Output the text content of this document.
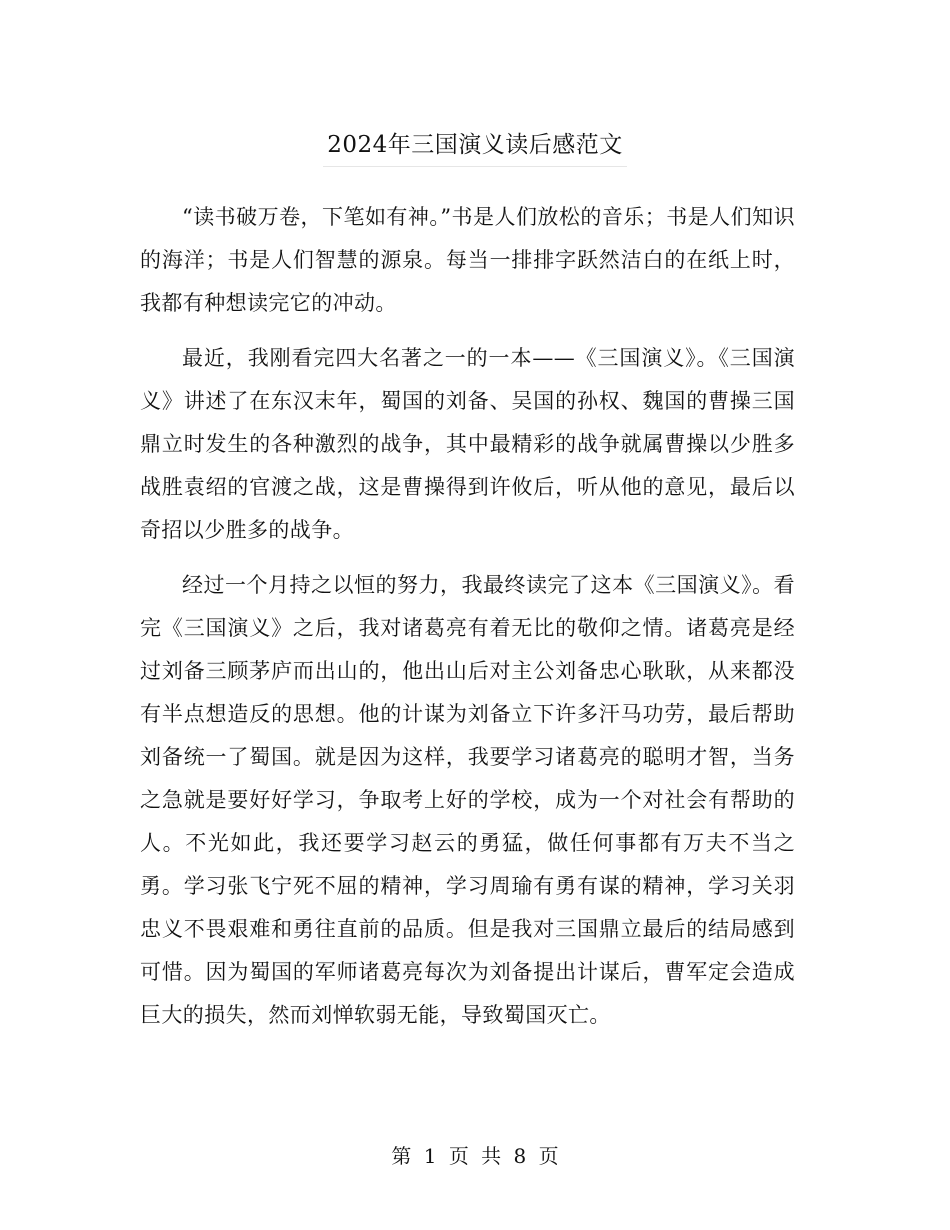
2024年三国演义读后感范文

“读书破万卷，下笔如有神。”书是人们放松的音乐；书是人们知识的海洋；书是人们智慧的源泉。每当一排排字跃然洁白的在纸上时，我都有种想读完它的冲动。

最近，我刚看完四大名著之一的一本——《三国演义》。《三国演义》讲述了在东汉末年，蜀国的刘备、吴国的孙权、魏国的曹操三国鼎立时发生的各种激烈的战争，其中最精彩的战争就属曹操以少胜多战胜袁绍的官渡之战，这是曹操得到许攸后，听从他的意见，最后以奇招以少胜多的战争。

经过一个月持之以恒的努力，我最终读完了这本《三国演义》。看完《三国演义》之后，我对诸葛亮有着无比的敬仰之情。诸葛亮是经过刘备三顾茅庐而出山的，他出山后对主公刘备忠心耿耿，从来都没有半点想造反的思想。他的计谋为刘备立下许多汗马功劳，最后帮助刘备统一了蜀国。就是因为这样，我要学习诸葛亮的聪明才智，当务之急就是要好好学习，争取考上好的学校，成为一个对社会有帮助的人。不光如此，我还要学习赵云的勇猛，做任何事都有万夫不当之勇。学习张飞宁死不屈的精神，学习周瑜有勇有谋的精神，学习关羽忠义不畏艰难和勇往直前的品质。但是我对三国鼎立最后的结局感到可惜。因为蜀国的军师诸葛亮每次为刘备提出计谋后，曹军定会造成巨大的损失，然而刘惮软弱无能，导致蜀国灭亡。

第 1 页 共 8 页
